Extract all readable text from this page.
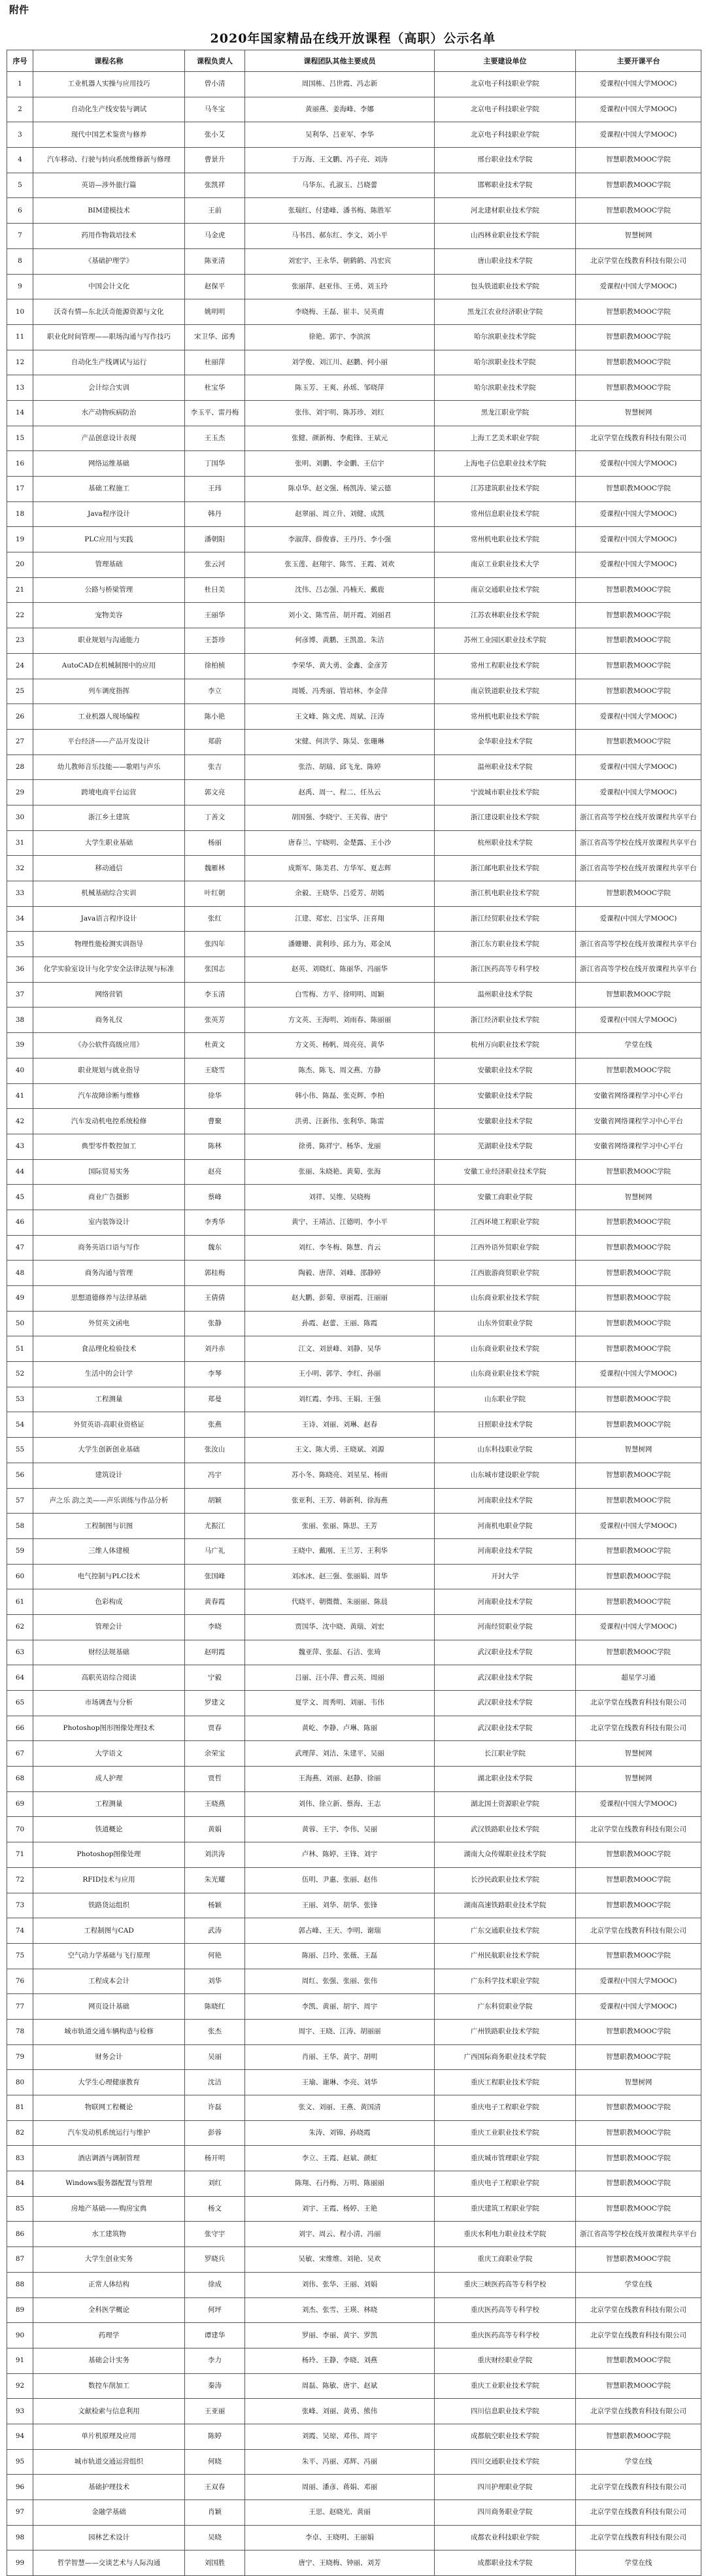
附件
2020年国家精品在线开放课程（高职）公示名单
序号	课程名称	课程负责人	课程团队其他主要成员	主要建设单位	主要开课平台
1	工业机器人实操与应用技巧	曾小清	周国栋、吕世霞、冯志新	北京电子科技职业学院	爱课程(中国大学MOOC)
2	自动化生产线安装与调试	马冬宝	黄丽燕、姜海峰、李娜	北京电子科技职业学院	爱课程(中国大学MOOC)
3	现代中国艺术鉴赏与修养	张小艾	吴利华、吕亚军、李华	北京电子科技职业学院	爱课程(中国大学MOOC)
4	汽车移动、行驶与转向系统维修新与修理	曹景升	于万海、王文鹏、冯子亮、刘涛	邢台职业技术学院	智慧职教MOOC学院
5	英语—涉外旅行篇	张凯祥	马华东、孔淑玉、吕晓蕾	邯郸职业技术学院	智慧职教MOOC学院
6	BIM建模技术	王前	张瑞红、付建峰、潘书梅、陈胜军	河北建材职业技术学院	智慧职教MOOC学院
7	药用作物栽培技术	马金虎	马书昌、郝东红、李文、刘小平	山西林业职业技术学院	智慧树网
8	《基础护理学》	陈亚清	刘宏宇、王永华、朝鹤鹤、冯宏宾	唐山职业技术学院	北京学堂在线教育科技有限公司
9	中国会计文化	赵保平	张丽萍、赵亚伟、王勇、刘玉玲	包头铁道职业技术学院	爱课程(中国大学MOOC)
10	沃奇有情—东北沃奇能源资源与文化	姚明明	李晓梅、王磊、崔丰、吴英甫	黑龙江农业经济职业学院	智慧职教MOOC学院
11	职业化时间管理——职场沟通与写作技巧	宋卫华、邱秀	徐艳、郭宇、李滨滨	哈尔滨职业技术学院	智慧职教MOOC学院
12	自动化生产线调试与运行	杜丽萍	刘学俊、刘江川、赵鹏、何小丽	哈尔滨职业技术学院	智慧职教MOOC学院
13	会计综合实训	杜宝华	陈玉芳、王爽、孙瑶、邹晓萍	哈尔滨职业技术学院	智慧职教MOOC学院
14	水产动物疾病防治	李玉平、雷丹梅	张伟、刘宇明、陈苏珍、刘红	黑龙江职业学院	智慧树网
15	产品创意设计表现	王玉杰	张健、颜新梅、李彪锋、王斌元	上海工艺美术职业学院	北京学堂在线教育科技有限公司
16	网络运维基础	丁国华	张明、刘鹏、李金鹏、王信宇	上海电子信息职业技术学院	爱课程(中国大学MOOC)
17	基础工程施工	王玮	陈卓华、赵文强、杨凯涛、梁云德	江苏建筑职业技术学院	智慧职教MOOC学院
18	Java程序设计	韩丹	赵翠丽、周立升、刘健、成凯	常州信息职业技术学院	爱课程(中国大学MOOC)
19	PLC应用与实践	潘朝阳	李淑萍、薛俊睿、王丹丹、李小强	常州机电职业技术学院	爱课程(中国大学MOOC)
20	管理基础	张云河	张玉莲、赵翔宇、陈雪、王霞、刘欢	南京工业职业技术大学	爱课程(中国大学MOOC)
21	公路与桥梁管理	杜日美	沈伟、吕志强、冯楠天、戴鹿	南京交通职业技术学院	智慧职教MOOC学院
22	宠物美容	王丽华	刘小文、陈雪苗、胡开霞、刘丽君	江苏农林职业技术学院	智慧职教MOOC学院
23	职业规划与沟通能力	王荟珍	何彦博、黄鹏、王凯盈、朱洁	苏州工业园区职业技术学院	智慧职教MOOC学院
24	AutoCAD在机械制图中的应用	徐柏桢	李荣华、黄大勇、金鑫、金彦芳	常州工程职业技术学院	智慧职教MOOC学院
25	列车调度指挥	李立	周媛、冯秀丽、管培林、李金萍	南京铁道职业技术学院	智慧职教MOOC学院
26	工业机器人现场编程	陈小艳	王文峰、陈文虎、周斌、汪涛	常州机电职业技术学院	爱课程(中国大学MOOC)
27	平台经济——产品开发设计	郑蔚	宋健、何洪学、陈昊、张珊琳	金华职业技术学院	智慧职教MOOC学院
28	幼儿教师音乐技能——歌唱与声乐	张吉	张浩、胡瑞、邱飞龙、陈婷	温州职业技术学院	爱课程(中国大学MOOC)
29	跨境电商平台运营	郭文亮	赵禹、周一、程二、任丛云	宁波城市职业技术学院	爱课程(中国大学MOOC)
30	浙江乡土建筑	丁善文	胡国强、李晓宁、王芙蓉、唐宁	浙江建设职业技术学院	浙江省高等学校在线开放课程共享平台
31	大学生职业基础	杨丽	唐春兰、宇晓明、金楚露、王小沙	杭州职业技术学院	浙江省高等学校在线开放课程共享平台
32	移动通信	魏雁林	成斯军、陈美君、方华军、夏志辉	浙江邮电职业技术学院	浙江省高等学校在线开放课程共享平台
33	机械基础综合实训	叶红朝	余毅、王晓华、吕爱芳、胡嫣	浙江机电职业技术学院	智慧职教MOOC学院
34	Java语言程序设计	张红	江建、郑宏、吕宝华、汪喜翔	浙江经贸职业技术学院	爱课程(中国大学MOOC)
35	物理性能检测实训指导	张四年	潘姗姗、黄利珍、邱力为、郑金凤	浙江东方职业技术学院	浙江省高等学校在线开放课程共享平台
36	化学实验室设计与化学安全法律法规与标准	张国志	赵英、刘晓红、陈丽华、冯丽华	浙江医药高等专科学校	浙江省高等学校在线开放课程共享平台
37	网络营销	李玉清	白雪梅、方平、徐明明、周颖	温州职业技术学院	智慧职教MOOC学院
38	商务礼仪	张英芳	方文英、王海明、刘雨春、陈丽丽	浙江经济职业技术学院	爱课程(中国大学MOOC)
39	《办公软件高级应用》	杜黄文	方文英、杨帆、周亮亮、黄华	杭州万向职业技术学院	学堂在线
40	职业规划与就业指导	王晓雪	陈杰、陈飞、周文燕、方静	安徽职业技术学院	智慧职教MOOC学院
41	汽车故障诊断与维修	徐华	韩小伟、陈磊、张克辉、李柏	安徽职业技术学院	安徽省网络课程学习中心平台
42	汽车发动机电控系统检修	曹聚	洪勇、汪新伟、张利华、陈雷	安徽职业技术学院	安徽省网络课程学习中心平台
43	典型零件数控加工	陈林	徐勇、陈祥宁、杨华、龙丽	芜湖职业技术学院	安徽省网络课程学习中心平台
44	国际贸易实务	赵亮	张丽、朱晓艳、黄菊、张海	安徽工业经济职业技术学院	智慧职教MOOC学院
45	商业广告摄影	蔡峰	刘祥、吴维、吴晓梅	安徽工商职业学院	智慧树网
46	室内装饰设计	李秀华	黄宁、王靖洁、江德明、李小平	江西环境工程职业学院	智慧职教MOOC学院
47	商务英语口语与写作	魏东	刘红、李冬梅、陈慧、肖云	江西外语外贸职业学院	智慧职教MOOC学院
48	商务沟通与管理	郭桂梅	陶毅、唐萍、刘峰、邵静婷	江西旅游商贸职业学院	智慧职教MOOC学院
49	思想道德修养与法律基础	王倩倩	赵大鹏、彭菊、章丽霞、汪丽丽	山东商业职业技术学院	智慧职教MOOC学院
50	外贸英文函电	张静	孙霞、赵蕾、王丽、陈霞	山东外贸职业学院	智慧职教MOOC学院
51	食品理化检验技术	刘丹赤	江文、刘景峰、刘静、吴华	山东商业职业技术学院	智慧职教MOOC学院
52	生活中的会计学	李琴	王小明、郭学、李红、孙丽	山东商业职业技术学院	爱课程(中国大学MOOC)
53	工程测量	郑曼	刘红霞、李玮、王娟、王强	山东职业学院	智慧职教MOOC学院
54	外贸英语-高职业资格证	张燕	王诗、刘丽、刘琳、赵春	日照职业技术学院	智慧职教MOOC学院
55	大学生创新创业基础	张汝山	王文、陈大勇、王晓斌、刘源	山东科技职业学院	智慧树网
56	建筑设计	冯宇	苏小冬、陈晓亮、刘星星、杨雨	山东城市建设职业学院	智慧职教MOOC学院
57	声之乐 韵之美——声乐训练与作品分析	胡颖	张亚利、王芳、韩新利、徐海燕	河南职业技术学院	智慧职教MOOC学院
58	工程制图与识图	尤振江	张丽、张丽、陈思、王芳	河南机电职业学院	爱课程(中国大学MOOC)
59	三维人体建模	马广礼	王晓中、戴刚、王兰芳、王利华	河南职业技术学院	智慧职教MOOC学院
60	电气控制与PLC技术	张国峰	刘冰冰、赵三强、张丽娟、周华	开封大学	智慧职教MOOC学院
61	色彩构成	黄春霞	代晓平、朝微微、朱丽丽、陈晨	河南职业技术学院	智慧职教MOOC学院
62	管理会计	李晓	贾国华、沈中晓、黄瑞、刘宏	河南经贸职业学院	爱课程(中国大学MOOC)
63	财经法规基础	赵明霞	魏亚萍、张磊、石洁、张琦	武汉职业技术学院	智慧职教MOOC学院
64	高职英语综合阅读	宁毅	吕丽、汪小萍、曹云英、周丽	武汉职业技术学院	超星学习通
65	市场调查与分析	罗建文	夏学文、周秀明、刘丽、韦伟	武汉职业技术学院	北京学堂在线教育科技有限公司
66	Photoshop图形图像处理技术	贾春	黄屹、李静、卢琳、陈丽	武汉职业技术学院	北京学堂在线教育科技有限公司
67	大学语文	余荣宝	武理萍、刘洁、朱建平、吴丽	长江职业学院	智慧树网
68	成人护理	贾哲	王海燕、刘丽、赵静、徐丽	湖北职业技术学院	智慧树网
69	工程测量	王晓燕	刘伟、徐立新、蔡海、王志	湖北国土资源职业学院	爱课程(中国大学MOOC)
70	铁道概论	黄娟	黄蓉、王宇、李伟、吴丽	武汉铁路职业技术学院	北京学堂在线教育科技有限公司
71	Photoshop图像处理	刘洪涛	卢林、陈婷、王锋、刘宇	湖南大众传媒职业技术学院	智慧职教MOOC学院
72	RFID技术与应用	朱光耀	伍明、尹惠、张丽、赵伟	长沙民政职业技术学院	智慧职教MOOC学院
73	铁路货运组织	杨颖	王丽、刘华、胡华、张锋	湖南高速铁路职业技术学院	智慧职教MOOC学院
74	工程制图与CAD	武涛	郭占峰、王天、李明、谢瑞	广东交通职业技术学院	北京学堂在线教育科技有限公司
75	空气动力学基础与飞行原理	何艳	陈丽、吕玲、张薇、王磊	广州民航职业技术学院	智慧职教MOOC学院
76	工程成本会计	刘华	周红、张强、张丽、张伟	广东科学技术职业学院	爱课程(中国大学MOOC)
77	网页设计基础	陈晓红	李凯、黄丽、胡宇、周宇	广东科贸职业学院	爱课程(中国大学MOOC)
78	城市轨道交通车辆构造与检修	张杰	周宇、王晓、江涛、胡丽丽	广州铁路职业技术学院	智慧职教MOOC学院
79	财务会计	吴丽	肖丽、王华、黄宇、胡明	广西国际商务职业技术学院	智慧职教MOOC学院
80	大学生心理健康教育	沈洁	王瑜、谢琳、李亮、刘华	重庆工程职业技术学院	智慧树网
81	物联网工程概论	许磊	张文、刘丽、王燕、黄国清	重庆电子工程职业学院	智慧职教MOOC学院
82	汽车发动机系统运行与维护	彭蓉	朱涛、刘锦、孙晓霞	重庆工业职业技术学院	智慧职教MOOC学院
83	酒店调酒与调制管理	杨开明	李立、王霞、赵斌、颜虹	重庆城市管理职业学院	智慧职教MOOC学院
84	Windows服务器配置与管理	刘红	陈翔、石丹梅、万明、陈丽丽	重庆电子工程职业学院	智慧职教MOOC学院
85	房地产基础——购房宝典	杨文	刘宇、王霞、杨婷、王艳	重庆建筑工程职业学院	智慧职教MOOC学院
86	水工建筑物	张守宇	刘宇、周云、程小清、冯丽	重庆水利电力职业技术学院	浙江省高等学校在线开放课程共享平台
87	大学生创业实务	罗晓兵	吴敏、宋维维、刘艳、吴欢	重庆工商职业学院	智慧职教MOOC学院
88	正常人体结构	徐成	刘伟、张华、王丽、刘娟	重庆三峡医药高等专科学校	学堂在线
89	全科医学概论	何坪	刘杰、张雪、王瑛、林晓	重庆医药高等专科学校	北京学堂在线教育科技有限公司
90	药理学	谭建华	罗丽、李丽、黄宇、罗凯	重庆医药高等专科学校	北京学堂在线教育科技有限公司
91	基础会计实务	李力	杨玲、王静、李晓、刘燕	重庆财经职业学院	智慧职教MOOC学院
92	数控车削加工	秦涛	周磊、陈敏、唐宇、赵斌	重庆工业职业技术学院	智慧职教MOOC学院
93	文献检索与信息利用	王亚丽	张峰、刘丽、黄勇、熊伟	四川信息职业技术学院	北京学堂在线教育科技有限公司
94	单片机原理及应用	陈婷	刘霞、吴琼、邓伟、周宇	成都航空职业技术学院	智慧职教MOOC学院
95	城市轨道交通运营组织	何晓	朱平、冯丽、邓辉、冯丽	四川交通职业技术学院	学堂在线
96	基础护理技术	王双春	周丽、潘彦、蒋娟、邓丽	四川护理职业学院	北京学堂在线教育科技有限公司
97	金融学基础	肖颖	王思、赵晓光、黄丽	四川商务职业学院	北京学堂在线教育科技有限公司
98	园林艺术设计	吴晓	李卓、王晓明、王丽娟	成都农业科技职业学院	北京学堂在线教育科技有限公司
99	哲学智慧——交谈艺术与人际沟通	刘国胜	唐宁、王晓梅、钟丽、刘芳	成都职业技术学院	学堂在线
